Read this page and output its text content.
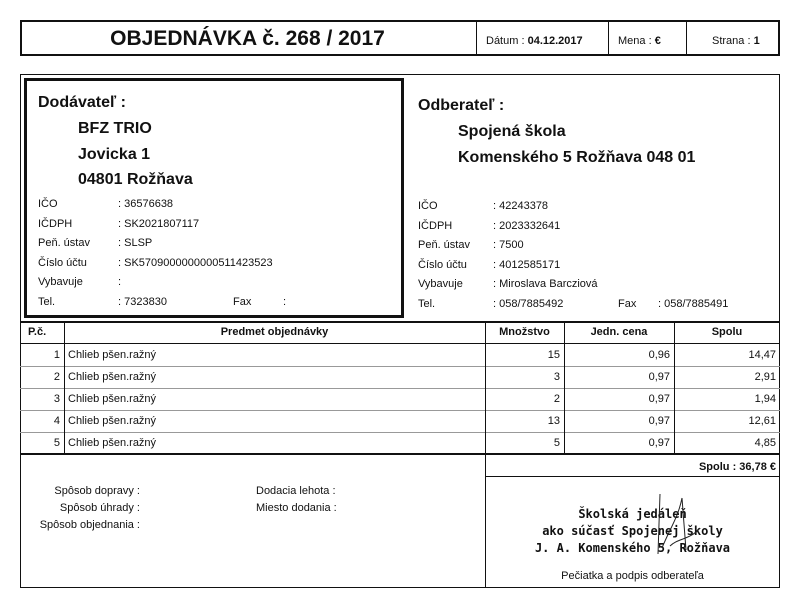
OBJEDNÁVKA č. 268 / 2017	Dátum : 04.12.2017	Mena : €	Strana : 1
Dodávateľ :
BFZ TRIO
Jovicka 1
04801 Rožňava
IČO	: 36576638
IČDPH	: SK2021807117
Peň. ústav	: SLSP
Číslo účtu	: SK5709000000000511423523
Vybavuje	:
Tel.	: 7323830	Fax	:
Odberateľ :
Spojená škola
Komenského 5 Rožňava 048 01
IČO	: 42243378
IČDPH	: 2023332641
Peň. ústav : 7500
Číslo účtu : 4012585171
Vybavuje	: Miroslava Barcziová
Tel.	: 058/7885492	Fax : 058/7885491
P.č.	Predmet objednávky	Množstvo	Jedn. cena	Spolu
1 Chlieb pšen.ražný	15	0,96	14,47
2 Chlieb pšen.ražný	3	0,97	2,91
3 Chlieb pšen.ražný	2	0,97	1,94
4 Chlieb pšen.ražný	13	0,97	12,61
5 Chlieb pšen.ražný	5	0,97	4,85
Spolu : 36,78 €
Spôsob dopravy :
Spôsob úhrady :
Spôsob objednania :
Dodacia lehota :
Miesto dodania :	Školská jedáleň
ako súčasť Spojenej školy
J. A. Komenského 5, Rožňava
Pečiatka a podpis odberateľa
